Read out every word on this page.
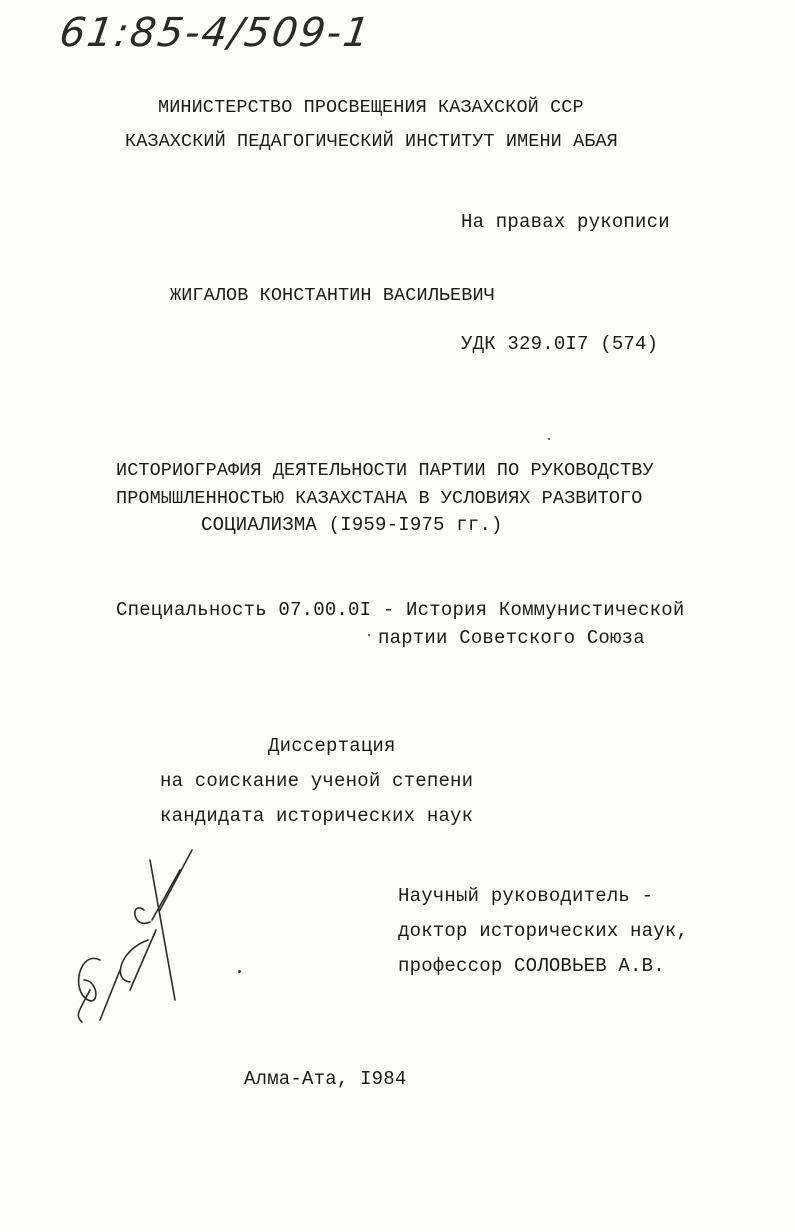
61:85-4/509-1
МИНИСТЕРСТВО ПРОСВЕЩЕНИЯ КАЗАХСКОЙ ССР
КАЗАХСКИЙ ПЕДАГОГИЧЕСКИЙ ИНСТИТУТ ИМЕНИ АБАЯ
На правах рукописи
ЖИГАЛОВ КОНСТАНТИН ВАСИЛЬЕВИЧ
УДК 329.0I7 (574)
ИСТОРИОГРАФИЯ ДЕЯТЕЛЬНОСТИ ПАРТИИ ПО РУКОВОДСТВУ
ПРОМЫШЛЕННОСТЬЮ КАЗАХСТАНА В УСЛОВИЯХ РАЗВИТОГО
СОЦИАЛИЗМА (I959-I975 гг.)
Специальность 07.00.0I - История Коммунистической
партии Советского Союза
Диссертация
на соискание ученой степени
кандидата исторических наук
Научный руководитель -
доктор исторических наук,
профессор СОЛОВЬЕВ А.В.
Алма-Ата, I984
